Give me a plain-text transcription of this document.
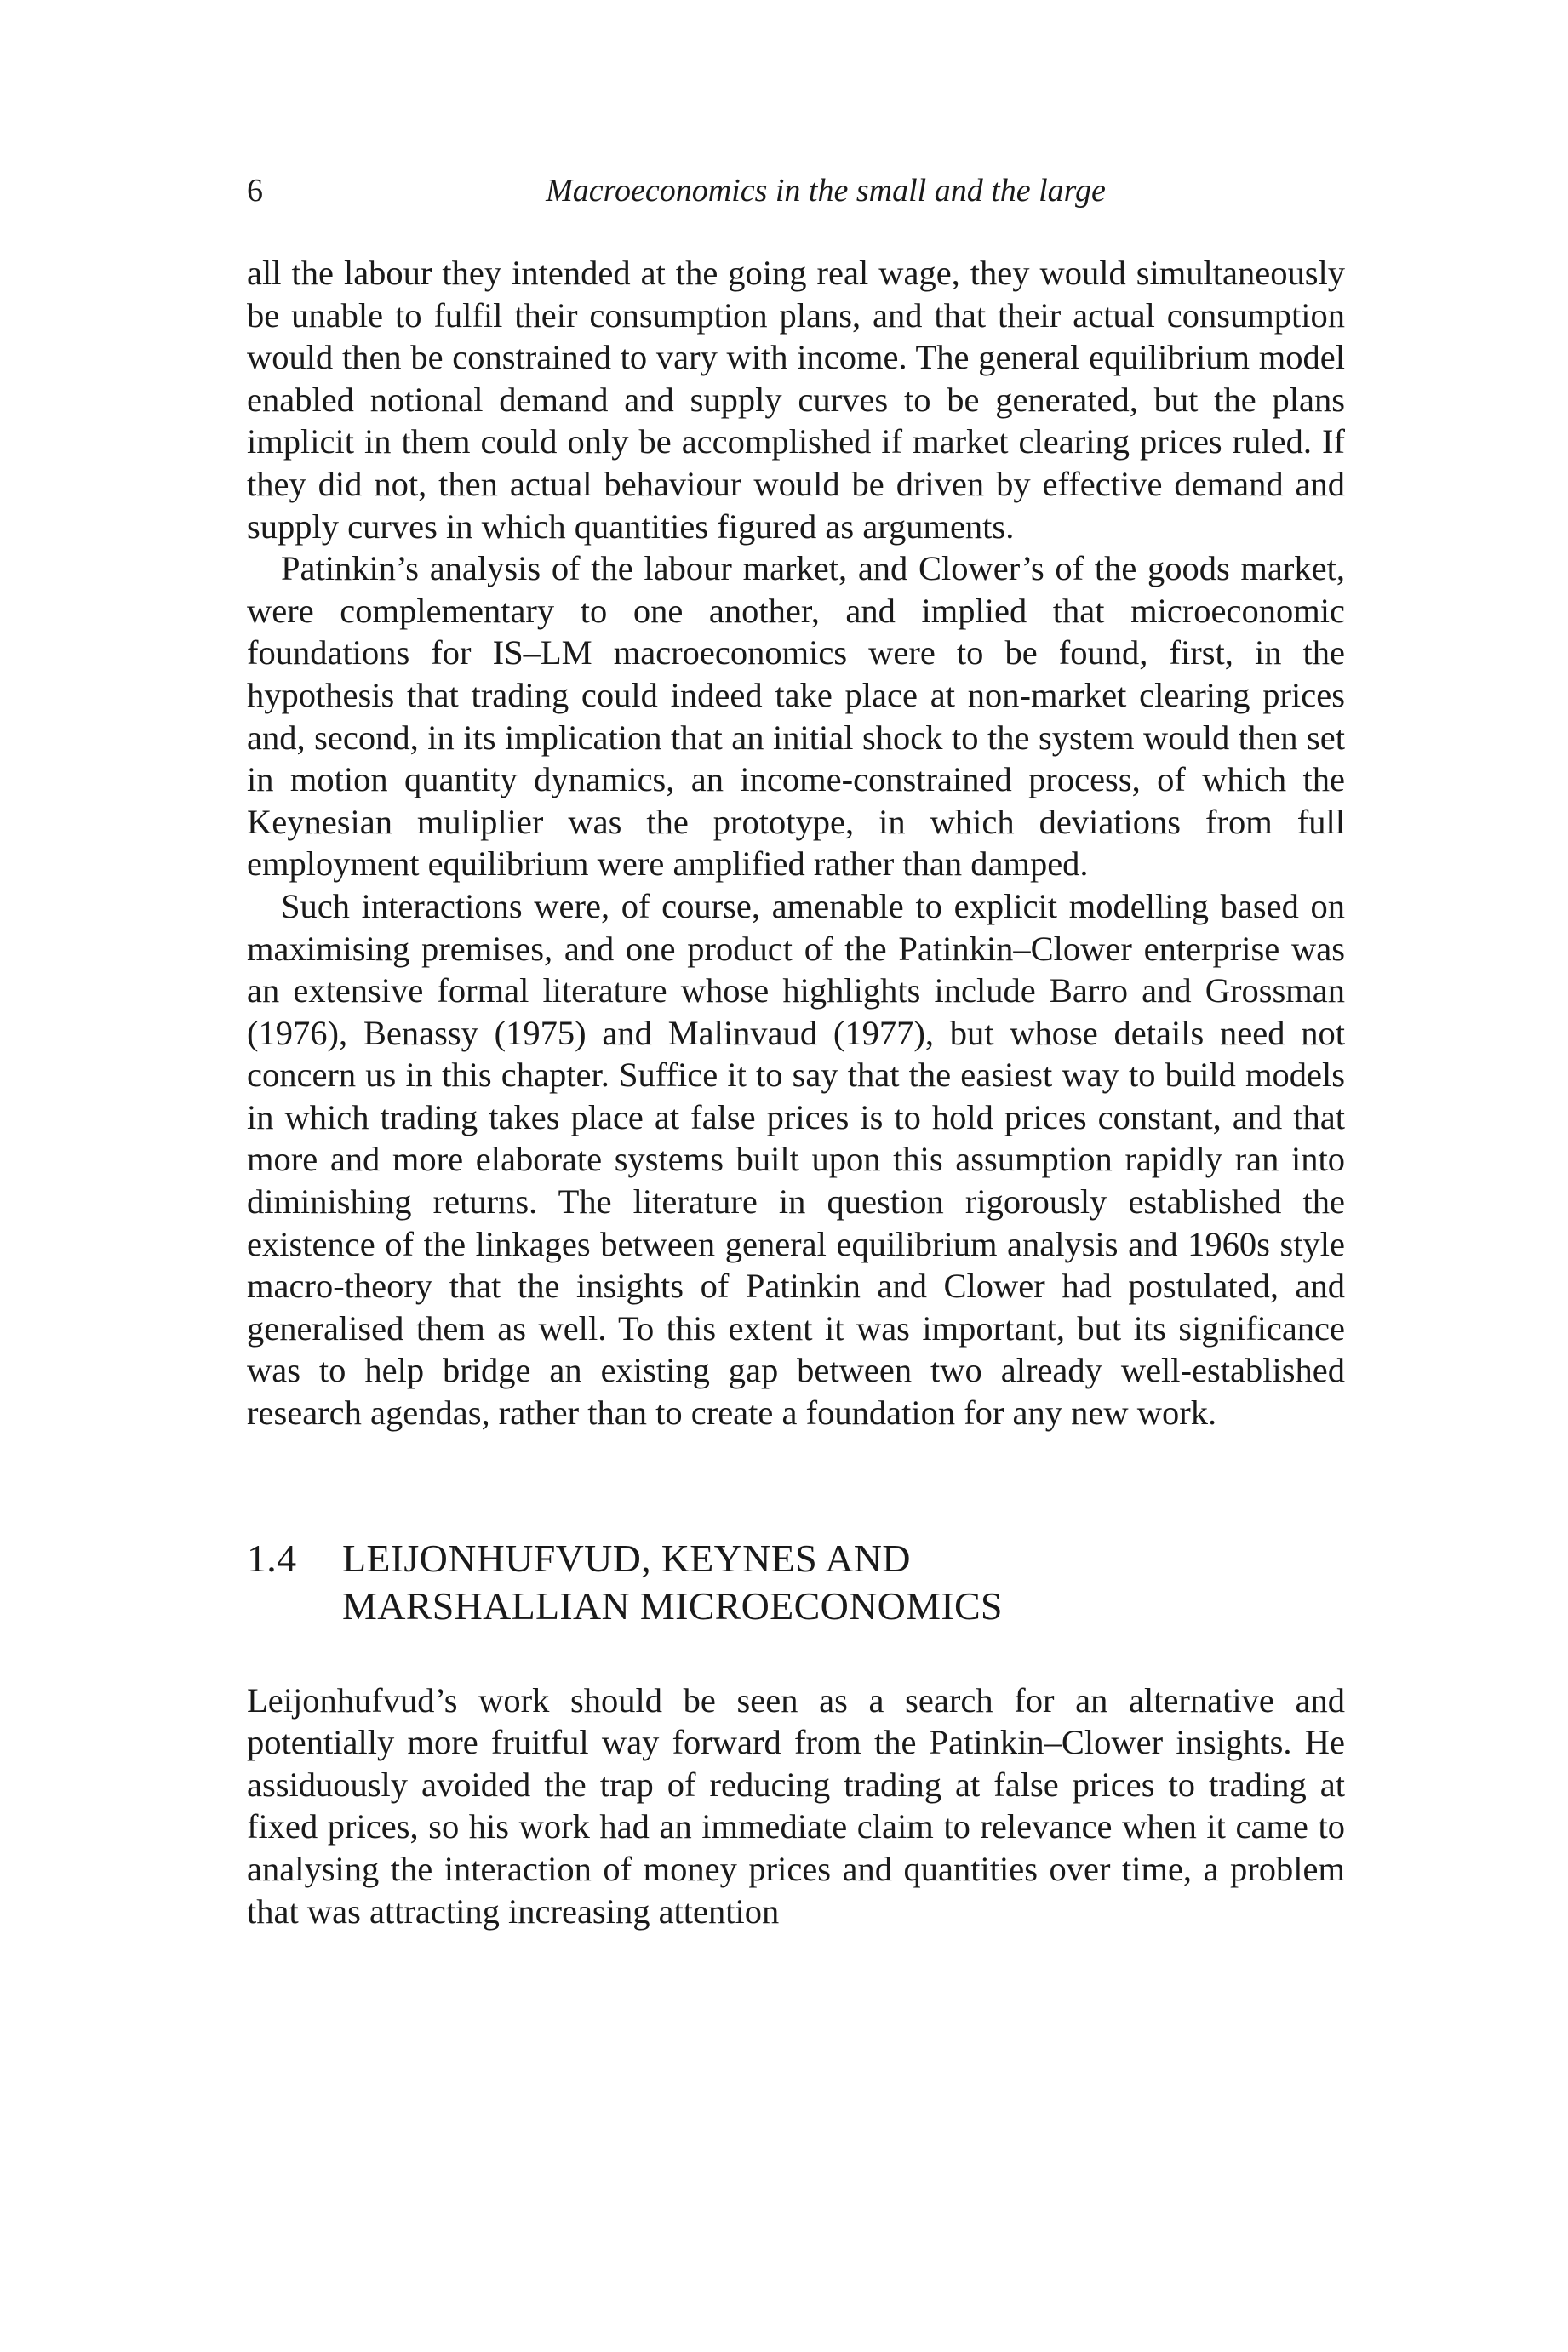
6	Macroeconomics in the small and the large

all the labour they intended at the going real wage, they would simultaneously be unable to fulfil their consumption plans, and that their actual consumption would then be constrained to vary with income. The general equilibrium model enabled notional demand and supply curves to be generated, but the plans implicit in them could only be accomplished if market clearing prices ruled. If they did not, then actual behaviour would be driven by effective demand and supply curves in which quantities figured as arguments.

Patinkin’s analysis of the labour market, and Clower’s of the goods market, were complementary to one another, and implied that microeconomic foundations for IS–LM macroeconomics were to be found, first, in the hypothesis that trading could indeed take place at non-market clearing prices and, second, in its implication that an initial shock to the system would then set in motion quantity dynamics, an income-constrained process, of which the Keynesian muliplier was the prototype, in which deviations from full employment equilibrium were amplified rather than damped.

Such interactions were, of course, amenable to explicit modelling based on maximising premises, and one product of the Patinkin–Clower enterprise was an extensive formal literature whose highlights include Barro and Grossman (1976), Benassy (1975) and Malinvaud (1977), but whose details need not concern us in this chapter. Suffice it to say that the easiest way to build models in which trading takes place at false prices is to hold prices constant, and that more and more elaborate systems built upon this assumption rapidly ran into diminishing returns. The literature in question rigorously established the existence of the linkages between general equilibrium analysis and 1960s style macro-theory that the insights of Patinkin and Clower had postulated, and generalised them as well. To this extent it was important, but its significance was to help bridge an existing gap between two already well-established research agendas, rather than to create a foundation for any new work.

1.4	LEIJONHUFVUD, KEYNES AND
MARSHALLIAN MICROECONOMICS

Leijonhufvud’s work should be seen as a search for an alternative and potentially more fruitful way forward from the Patinkin–Clower insights. He assiduously avoided the trap of reducing trading at false prices to trading at fixed prices, so his work had an immediate claim to relevance when it came to analysing the interaction of money prices and quantities over time, a problem that was attracting increasing attention
